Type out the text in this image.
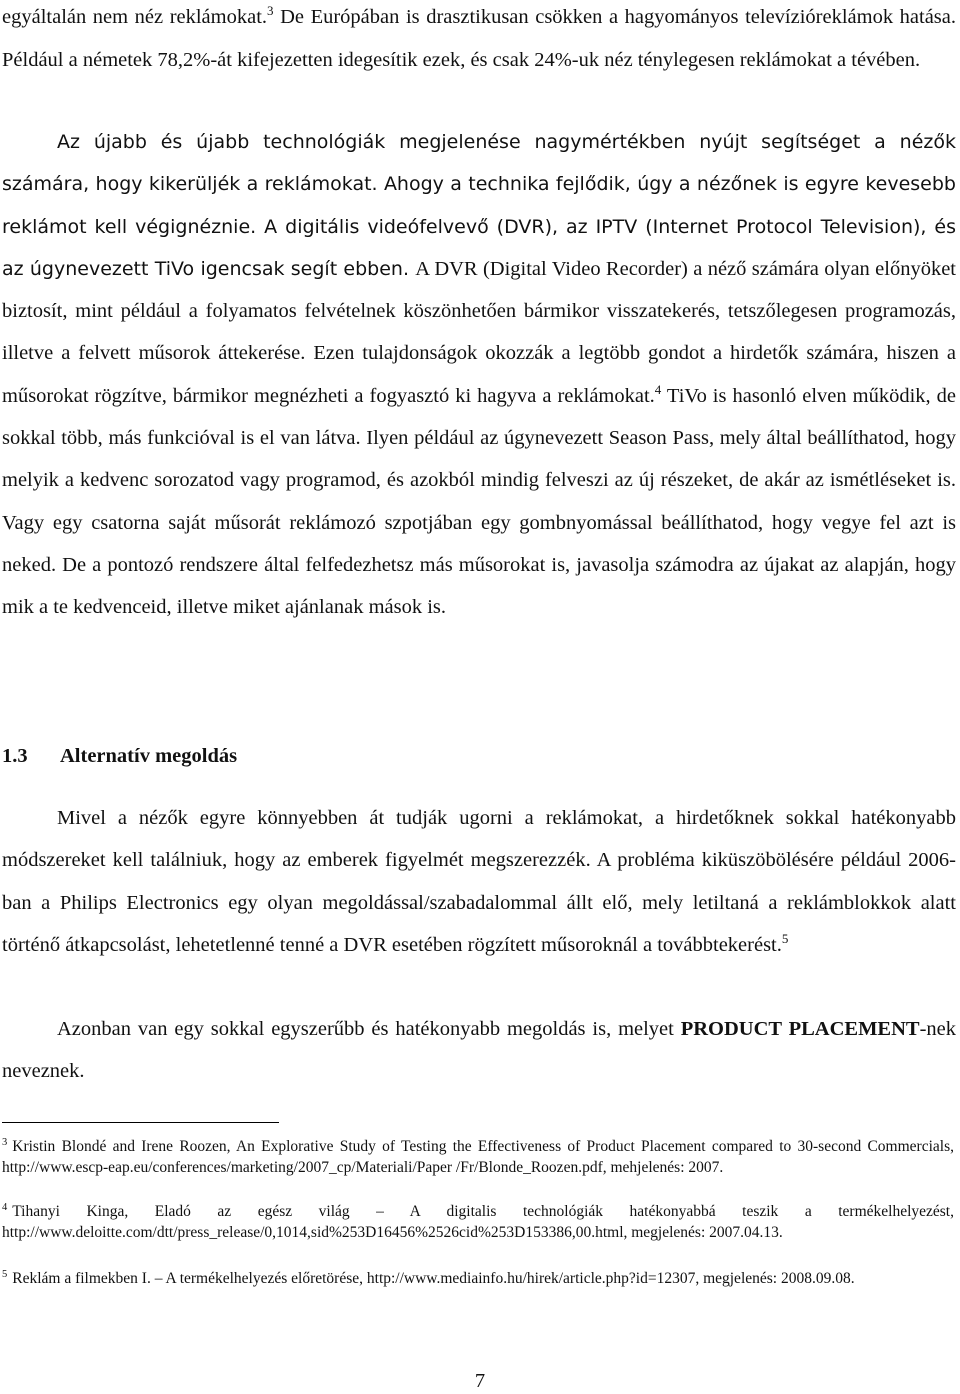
egyáltalán nem néz reklámokat.$^3$ De Európában is drasztikusan csökken a hagyományos televízióreklámok hatása. Például a németek 78,2%-át kifejezetten idegesítik ezek, és csak 24%-uk néz ténylegesen reklámokat a tévében.

Az újabb és újabb technológiák megjelenése nagymértékben nyújt segítséget a nézők számára, hogy kikerüljék a reklámokat. Ahogy a technika fejlődik, úgy a nézőnek is egyre kevesebb reklámot kell végignéznie. A digitális videófelvevő (DVR), az IPTV (Internet Protocol Television), és az úgynevezett TiVo igencsak segít ebben. A DVR (Digital Video Recorder) a néző számára olyan előnyöket biztosít, mint például a folyamatos felvételnek köszönhetően bármikor visszatekerés, tetszőlegesen programozás, illetve a felvett műsorok áttekerése. Ezen tulajdonságok okozzák a legtöbb gondot a hirdetők számára, hiszen a műsorokat rögzítve, bármikor megnézheti a fogyasztó ki hagyva a reklámokat.$^4$ TiVo is hasonló elven működik, de sokkal több, más funkcióval is el van látva. Ilyen például az úgynevezett Season Pass, mely által beállíthatod, hogy melyik a kedvenc sorozatod vagy programod, és azokból mindig felveszi az új részeket, de akár az ismétléseket is. Vagy egy csatorna saját műsorát reklámozó szpotjában egy gombnyomással beállíthatod, hogy vegye fel azt is neked. De a pontozó rendszere által felfedezhetsz más műsorokat is, javasolja számodra az újakat az alapján, hogy mik a te kedvenceid, illetve miket ajánlanak mások is.

1.3 Alternatív megoldás

Mivel a nézők egyre könnyebben át tudják ugorni a reklámokat, a hirdetőknek sokkal hatékonyabb módszereket kell találniuk, hogy az emberek figyelmét megszerezzék. A probléma kiküszöbölésére például 2006-ban a Philips Electronics egy olyan megoldással/szabadalommal állt elő, mely letiltaná a reklámblokkok alatt történő átkapcsolást, lehetetlenné tenné a DVR esetében rögzített műsoroknál a továbbtekerést.$^5$

Azonban van egy sokkal egyszerűbb és hatékonyabb megoldás is, melyet PRODUCT PLACEMENT-nek neveznek.

$^3$ Kristin Blondé and Irene Roozen, An Explorative Study of Testing the Effectiveness of Product Placement compared to 30-second Commercials, http://www.escp-eap.eu/conferences/marketing/2007_cp/Materiali/Paper /Fr/Blonde_Roozen.pdf, mehjelenés: 2007.

$^4$ Tihanyi Kinga, Eladó az egész világ – A digitalis technológiák hatékonyabbá teszik a termékelhelyezést, http://www.deloitte.com/dtt/press_release/0,1014,sid%253D16456%2526cid%253D153386,00.html, megjelenés: 2007.04.13.

$^5$ Reklám a filmekben I. – A termékelhelyezés előretörése, http://www.mediainfo.hu/hirek/article.php?id=12307, megjelenés: 2008.09.08.

7
